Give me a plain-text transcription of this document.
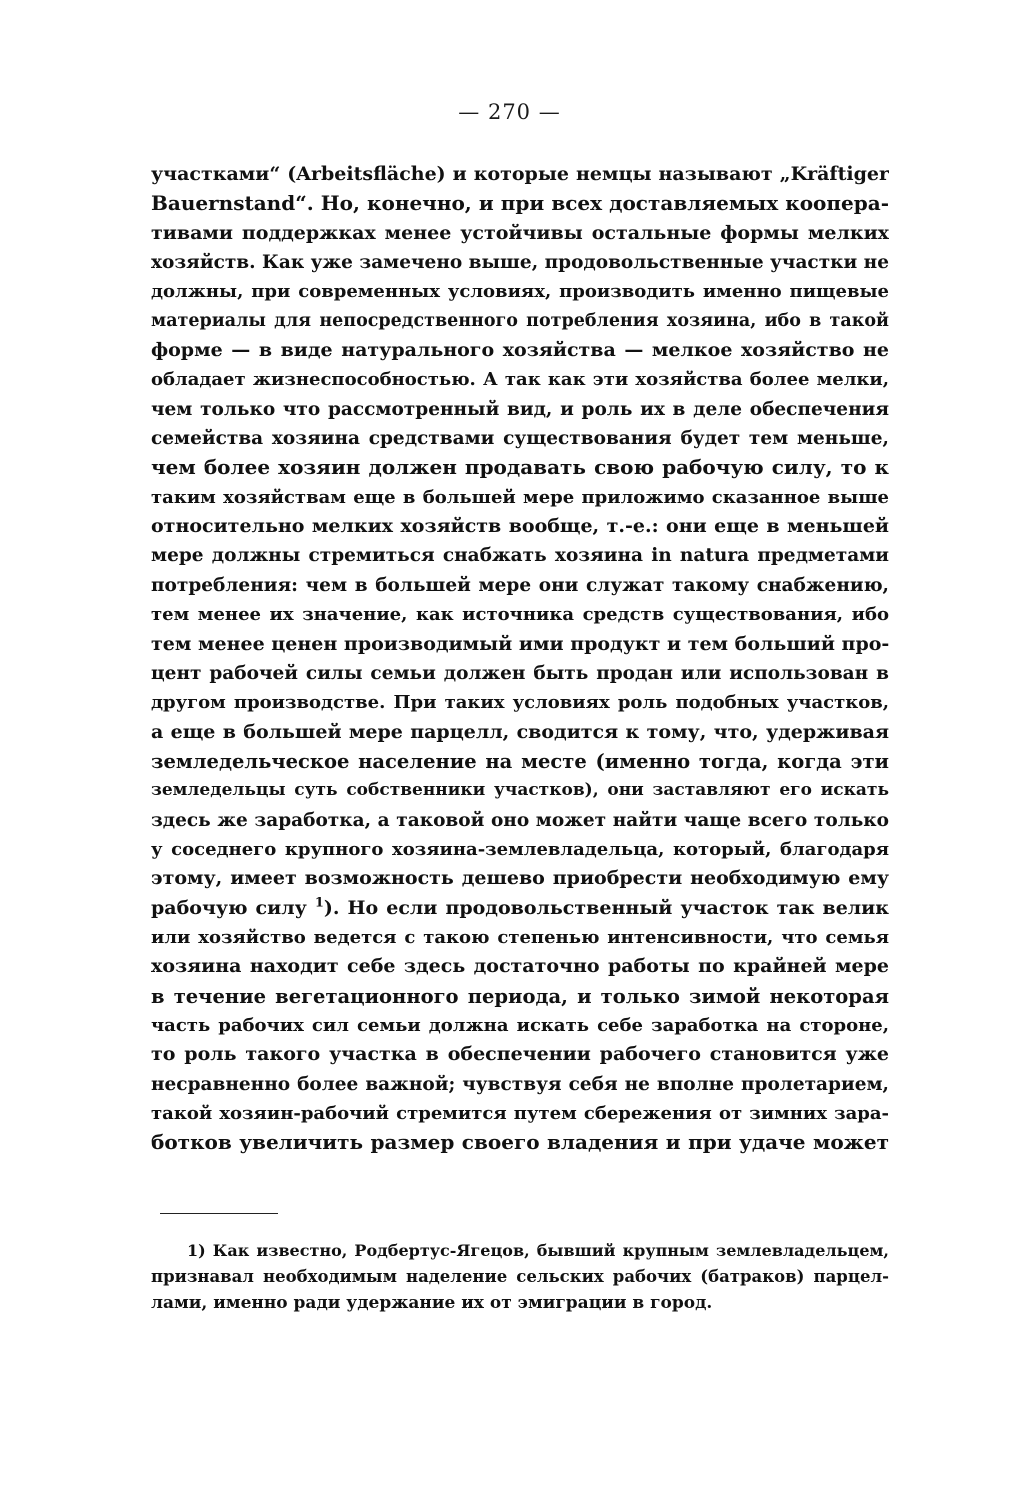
— 270 —
участками“ (Arbeitsfläche) и которые немцы называют „Kräftiger
Bauernstand“. Но, конечно, и при всех доставляемых коопера-
тивами поддержках менее устойчивы остальные формы мелких
хозяйств. Как уже замечено выше, продовольственные участки не
должны, при современных условиях, производить именно пищевые
материалы для непосредственного потребления хозяина, ибо в такой
форме — в виде натурального хозяйства — мелкое хозяйство не
обладает жизнеспособностью. А так как эти хозяйства более мелки,
чем только что рассмотренный вид, и роль их в деле обеспечения
семейства хозяина средствами существования будет тем меньше,
чем более хозяин должен продавать свою рабочую силу, то к
таким хозяйствам еще в большей мере приложимо сказанное выше
относительно мелких хозяйств вообще, т.-е.: они еще в меньшей
мере должны стремиться снабжать хозяина in natura предметами
потребления: чем в большей мере они служат такому снабжению,
тем менее их значение, как источника средств существования, ибо
тем менее ценен производимый ими продукт и тем больший про-
цент рабочей силы семьи должен быть продан или использован в
другом производстве. При таких условиях роль подобных участков,
а еще в большей мере парцелл, сводится к тому, что, удерживая
земледельческое население на месте (именно тогда, когда эти
земледельцы суть собственники участков), они заставляют его искать
здесь же заработка, а таковой оно может найти чаще всего только
у соседнего крупного хозяина-землевладельца, который, благодаря
этому, имеет возможность дешево приобрести необходимую ему
рабочую силу $^1$). Но если продовольственный участок так велик
или хозяйство ведется с такою степенью интенсивности, что семья
хозяина находит себе здесь достаточно работы по крайней мере
в течение вегетационного периода, и только зимой некоторая
часть рабочих сил семьи должна искать себе заработка на стороне,
то роль такого участка в обеспечении рабочего становится уже
несравненно более важной; чувствуя себя не вполне пролетарием,
такой хозяин-рабочий стремится путем сбережения от зимних зара-
ботков увеличить размер своего владения и при удаче может
1) Как известно, Родбертус-Ягецов, бывший крупным землевладельцем,
признавал необходимым наделение сельских рабочих (батраков) парцел-
лами, именно ради удержание их от эмиграции в город.
